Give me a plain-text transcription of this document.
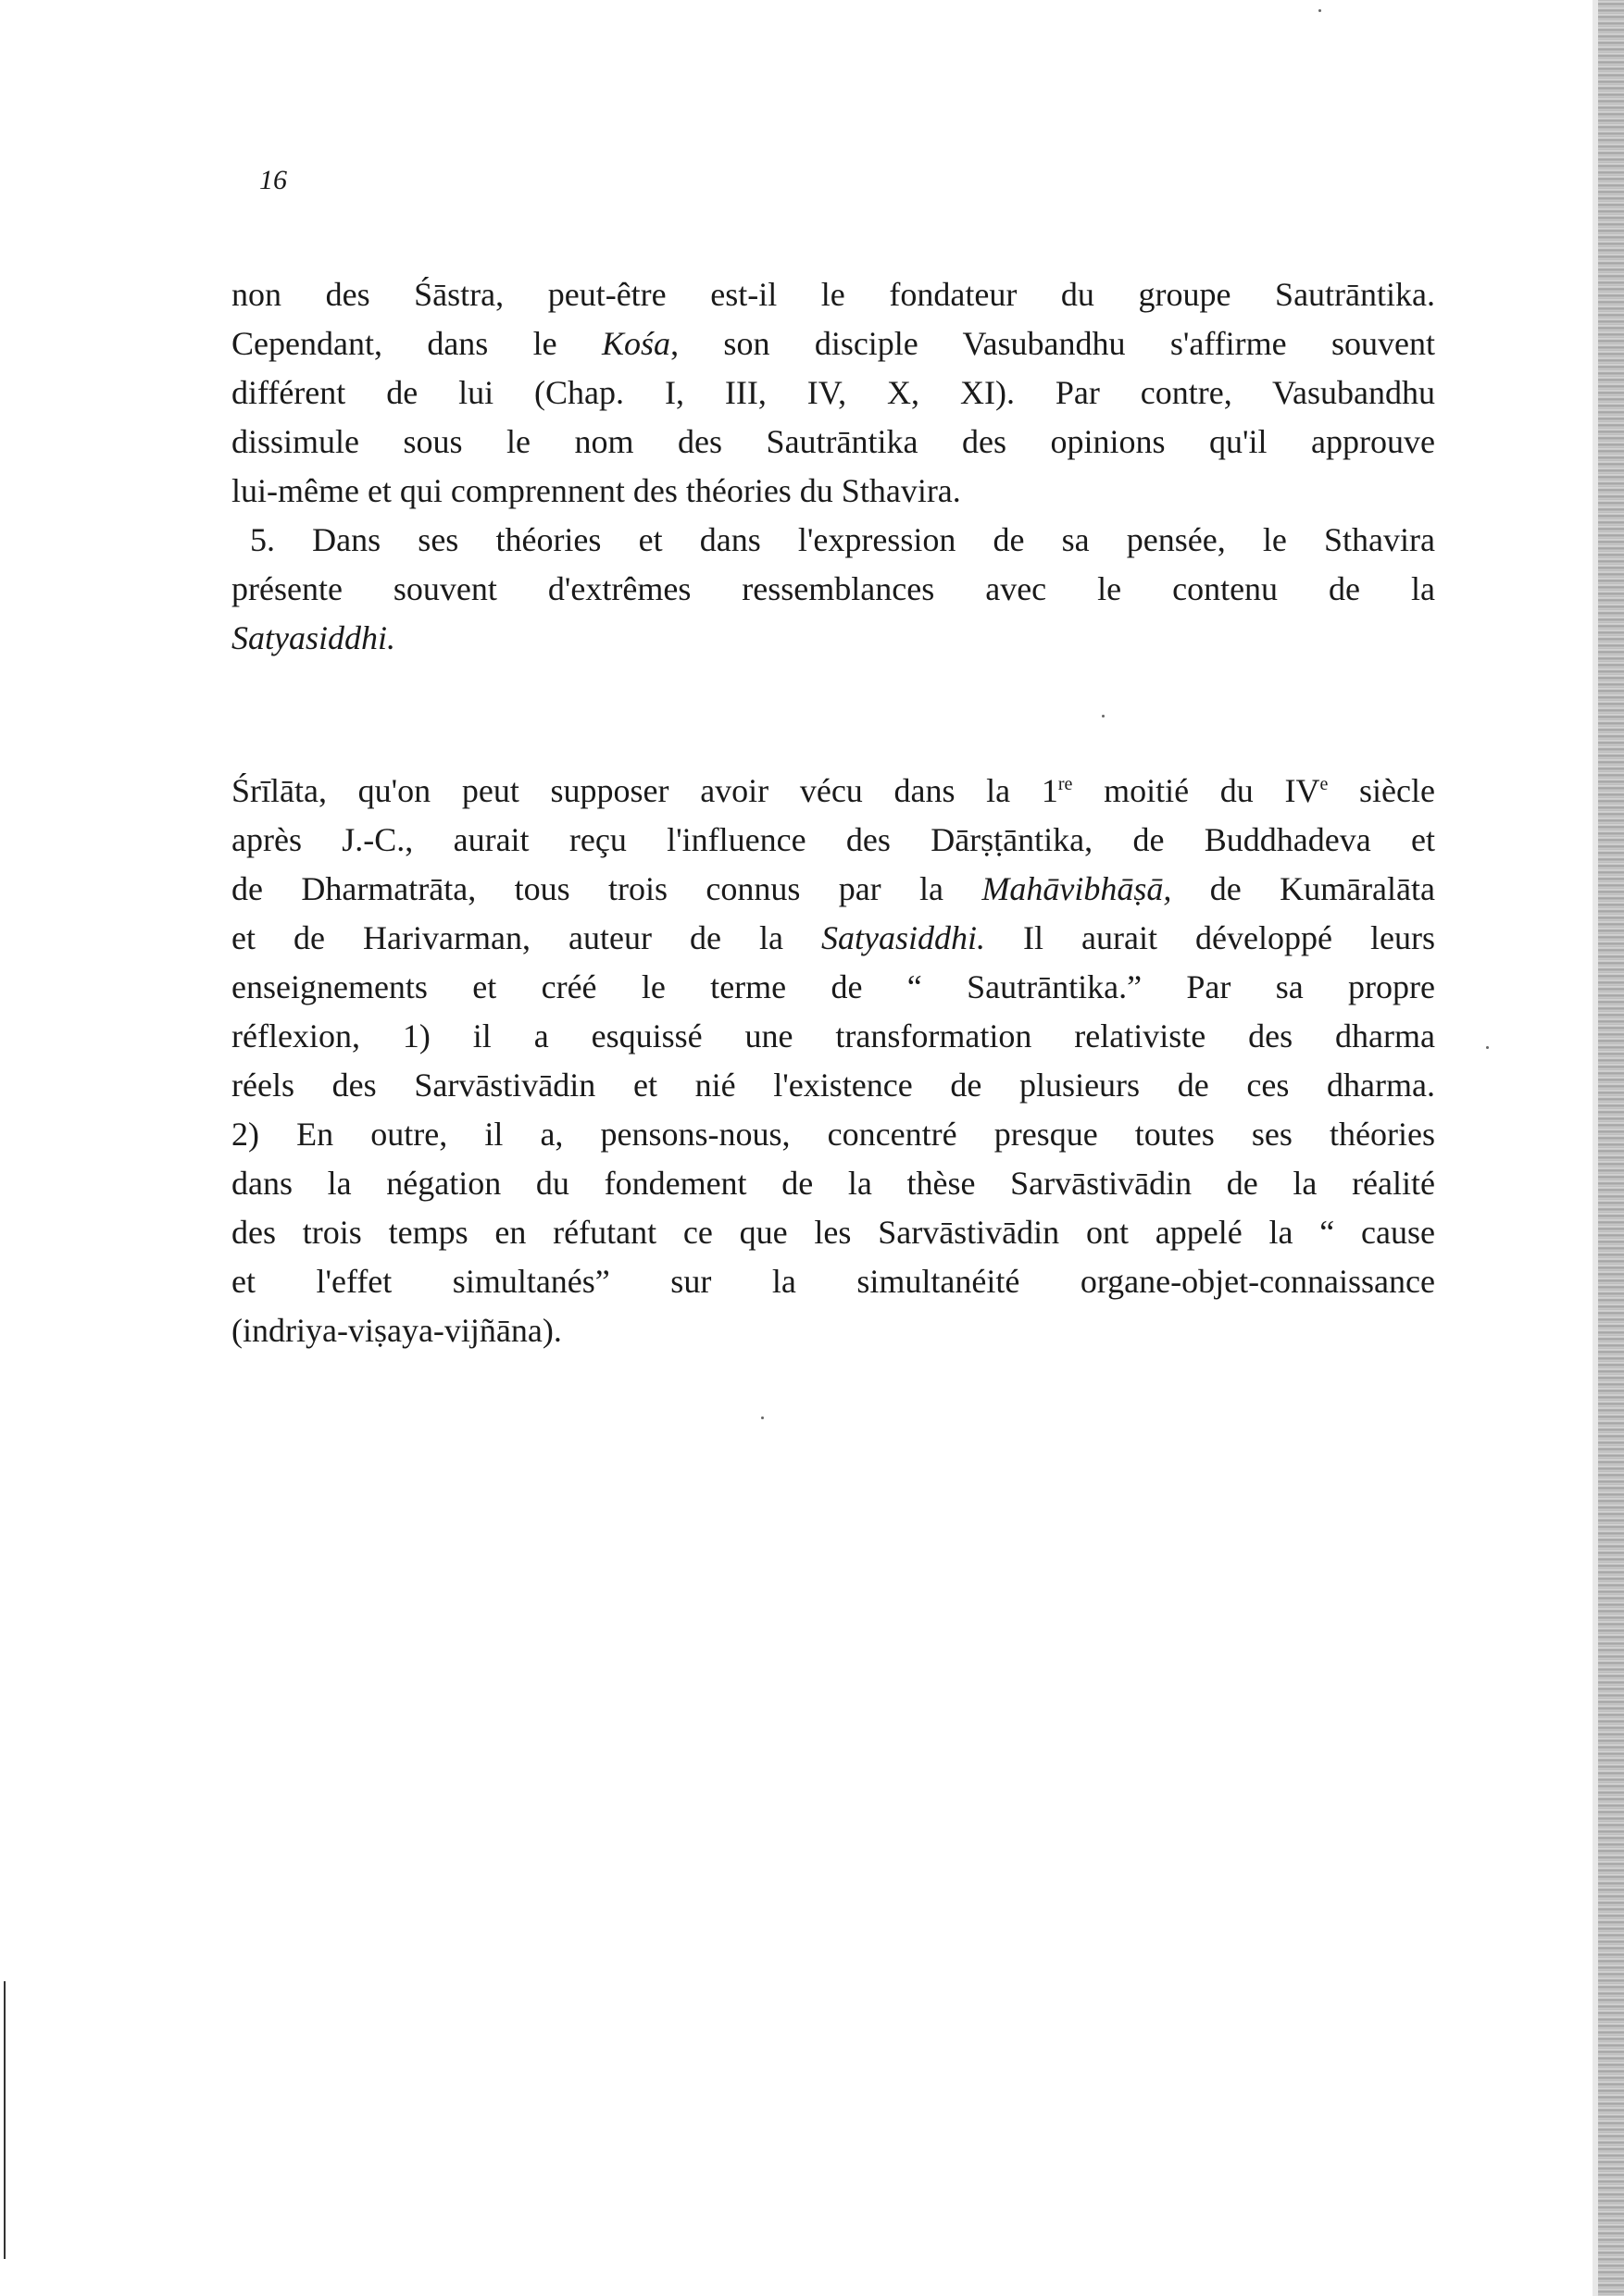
16
non des Śāstra, peut-être est-il le fondateur du groupe Sautrāntika.
Cependant, dans le Kośa, son disciple Vasubandhu s'affirme souvent
différent de lui (Chap. I, III, IV, X, XI). Par contre, Vasubandhu
dissimule sous le nom des Sautrāntika des opinions qu'il approuve
lui-même et qui comprennent des théories du Sthavira.
5. Dans ses théories et dans l'expression de sa pensée, le Sthavira
présente souvent d'extrêmes ressemblances avec le contenu de la
Satyasiddhi.
Śrīlāta, qu'on peut supposer avoir vécu dans la 1re moitié du IVe siècle
après J.-C., aurait reçu l'influence des Dārṣṭāntika, de Buddhadeva et
de Dharmatrāta, tous trois connus par la Mahāvibhāṣā, de Kumāralāta
et de Harivarman, auteur de la Satyasiddhi. Il aurait développé leurs
enseignements et créé le terme de “ Sautrāntika.” Par sa propre
réflexion, 1) il a esquissé une transformation relativiste des dharma
réels des Sarvāstivādin et nié l'existence de plusieurs de ces dharma.
2) En outre, il a, pensons-nous, concentré presque toutes ses théories
dans la négation du fondement de la thèse Sarvāstivādin de la réalité
des trois temps en réfutant ce que les Sarvāstivādin ont appelé la “ cause
et l'effet simultanés” sur la simultanéité organe-objet-connaissance
(indriya-viṣaya-vijñāna).
